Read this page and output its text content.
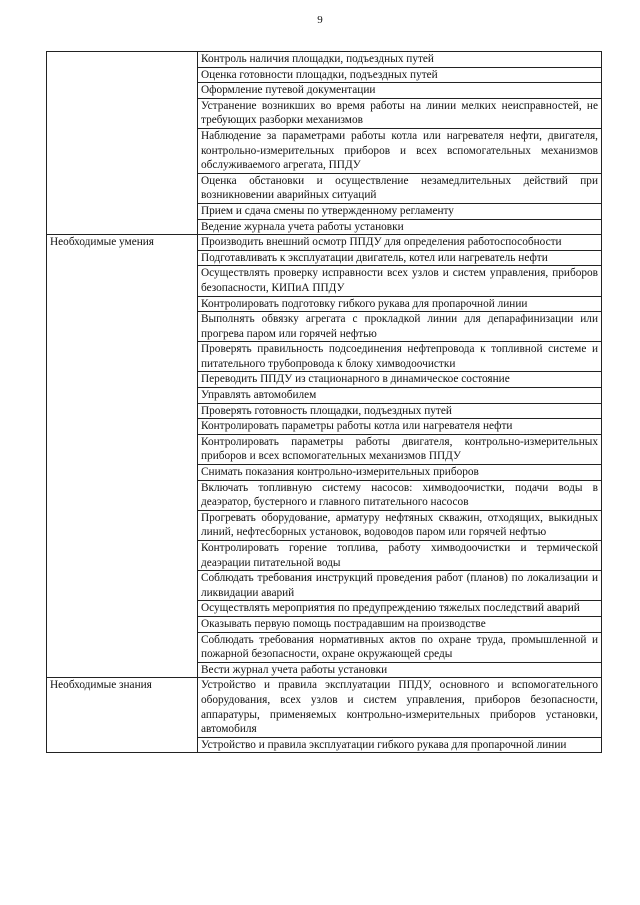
9
	Контроль наличия площадки, подъездных путей
	Оценка готовности площадки, подъездных путей
	Оформление путевой документации
	Устранение возникших во время работы на линии мелких неисправностей, не требующих разборки механизмов
	Наблюдение за параметрами работы котла или нагревателя нефти, двигателя, контрольно-измерительных приборов и всех вспомогательных механизмов обслуживаемого агрегата, ППДУ
	Оценка обстановки и осуществление незамедлительных действий при возникновении аварийных ситуаций
	Прием и сдача смены по утвержденному регламенту
	Ведение журнала учета работы установки
Необходимые умения	Производить внешний осмотр ППДУ для определения работоспособности
	Подготавливать к эксплуатации двигатель, котел или нагреватель нефти
	Осуществлять проверку исправности всех узлов и систем управления, приборов безопасности, КИПиА ППДУ
	Контролировать подготовку гибкого рукава для пропарочной линии
	Выполнять обвязку агрегата с прокладкой линии для депарафинизации или прогрева паром или горячей нефтью
	Проверять правильность подсоединения нефтепровода к топливной системе и питательного трубопровода к блоку химводоочистки
	Переводить ППДУ из стационарного в динамическое состояние
	Управлять автомобилем
	Проверять готовность площадки, подъездных путей
	Контролировать параметры работы котла или нагревателя нефти
	Контролировать параметры работы двигателя, контрольно-измерительных приборов и всех вспомогательных механизмов ППДУ
	Снимать показания контрольно-измерительных приборов
	Включать топливную систему насосов: химводоочистки, подачи воды в деаэратор, бустерного и главного питательного насосов
	Прогревать оборудование, арматуру нефтяных скважин, отходящих, выкидных линий, нефтесборных установок, водоводов паром или горячей нефтью
	Контролировать горение топлива, работу химводоочистки и термической деаэрации питательной воды
	Соблюдать требования инструкций проведения работ (планов) по локализации и ликвидации аварий
	Осуществлять мероприятия по предупреждению тяжелых последствий аварий
	Оказывать первую помощь пострадавшим на производстве
	Соблюдать требования нормативных актов по охране труда, промышленной и пожарной безопасности, охране окружающей среды
	Вести журнал учета работы установки
Необходимые знания	Устройство и правила эксплуатации ППДУ, основного и вспомогательного оборудования, всех узлов и систем управления, приборов безопасности, аппаратуры, применяемых контрольно-измерительных приборов установки, автомобиля
	Устройство и правила эксплуатации гибкого рукава для пропарочной линии
